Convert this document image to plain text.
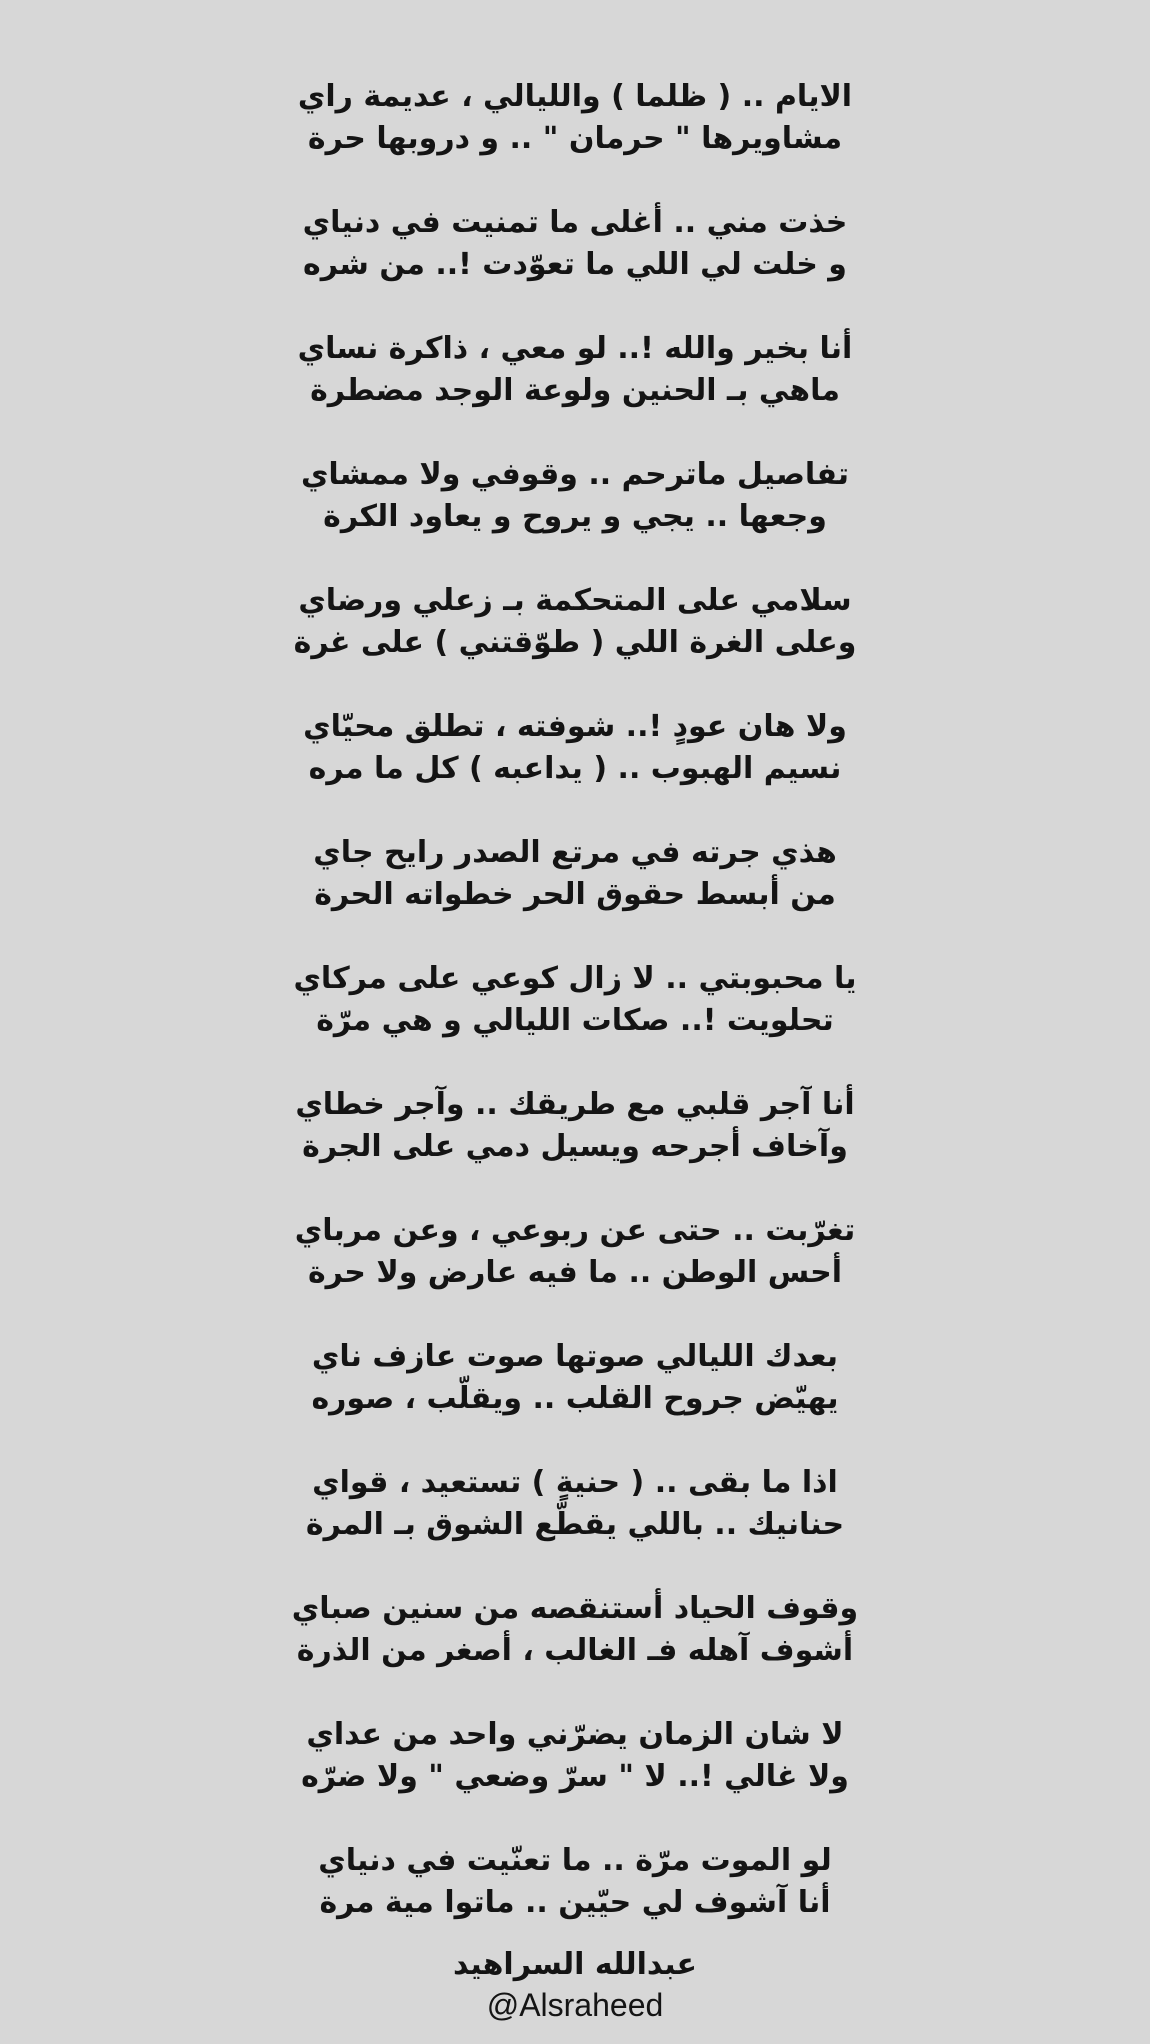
الايام .. ( ظلما ) والليالي ، عديمة راي
مشاويرها " حرمان " .. و دروبها حرة
خذت مني .. أغلى ما تمنيت في دنياي
و خلت لي اللي ما تعوّدت !.. من شره
أنا بخير والله !.. لو معي ، ذاكرة نساي
ماهي بـ الحنين ولوعة الوجد مضطرة
تفاصيل ماترحم .. وقوفي ولا ممشاي
وجعها .. يجي و يروح و يعاود الكرة
سلامي على المتحكمة بـ زعلي ورضاي
وعلى الغرة اللي ( طوّقتني ) على غرة
ولا هان عودٍ !.. شوفته ، تطلق محيّاي
نسيم الهبوب .. ( يداعبه ) كل ما مره
هذي جرته في مرتع الصدر رايح جاي
من أبسط حقوق الحر خطواته الحرة
يا محبوبتي .. لا زال كوعي على مركاي
تحلويت !.. صكات الليالي و هي مرّة
أنا آجر قلبي مع طريقك .. وآجر خطاي
وآخاف أجرحه ويسيل دمي على الجرة
تغرّبت .. حتى عن ربوعي ، وعن مرباي
أحس الوطن .. ما فيه عارض ولا حرة
بعدك الليالي صوتها صوت عازف ناي
يهيّض جروح القلب .. ويقلّب ، صوره
اذا ما بقى .. ( حنيةٍ ) تستعيد ، قواي
حنانيك .. باللي يقطّع الشوق بـ المرة
وقوف الحياد أستنقصه من سنين صباي
أشوف آهله فـ الغالب ، أصغر من الذرة
لا شان الزمان يضرّني واحد من عداي
ولا غالي !.. لا " سرّ وضعي " ولا ضرّه
لو الموت مرّة .. ما تعنّيت في دنياي
أنا آشوف لي حيّين .. ماتوا مية مرة
عبدالله السراهيد
@Alsraheed
